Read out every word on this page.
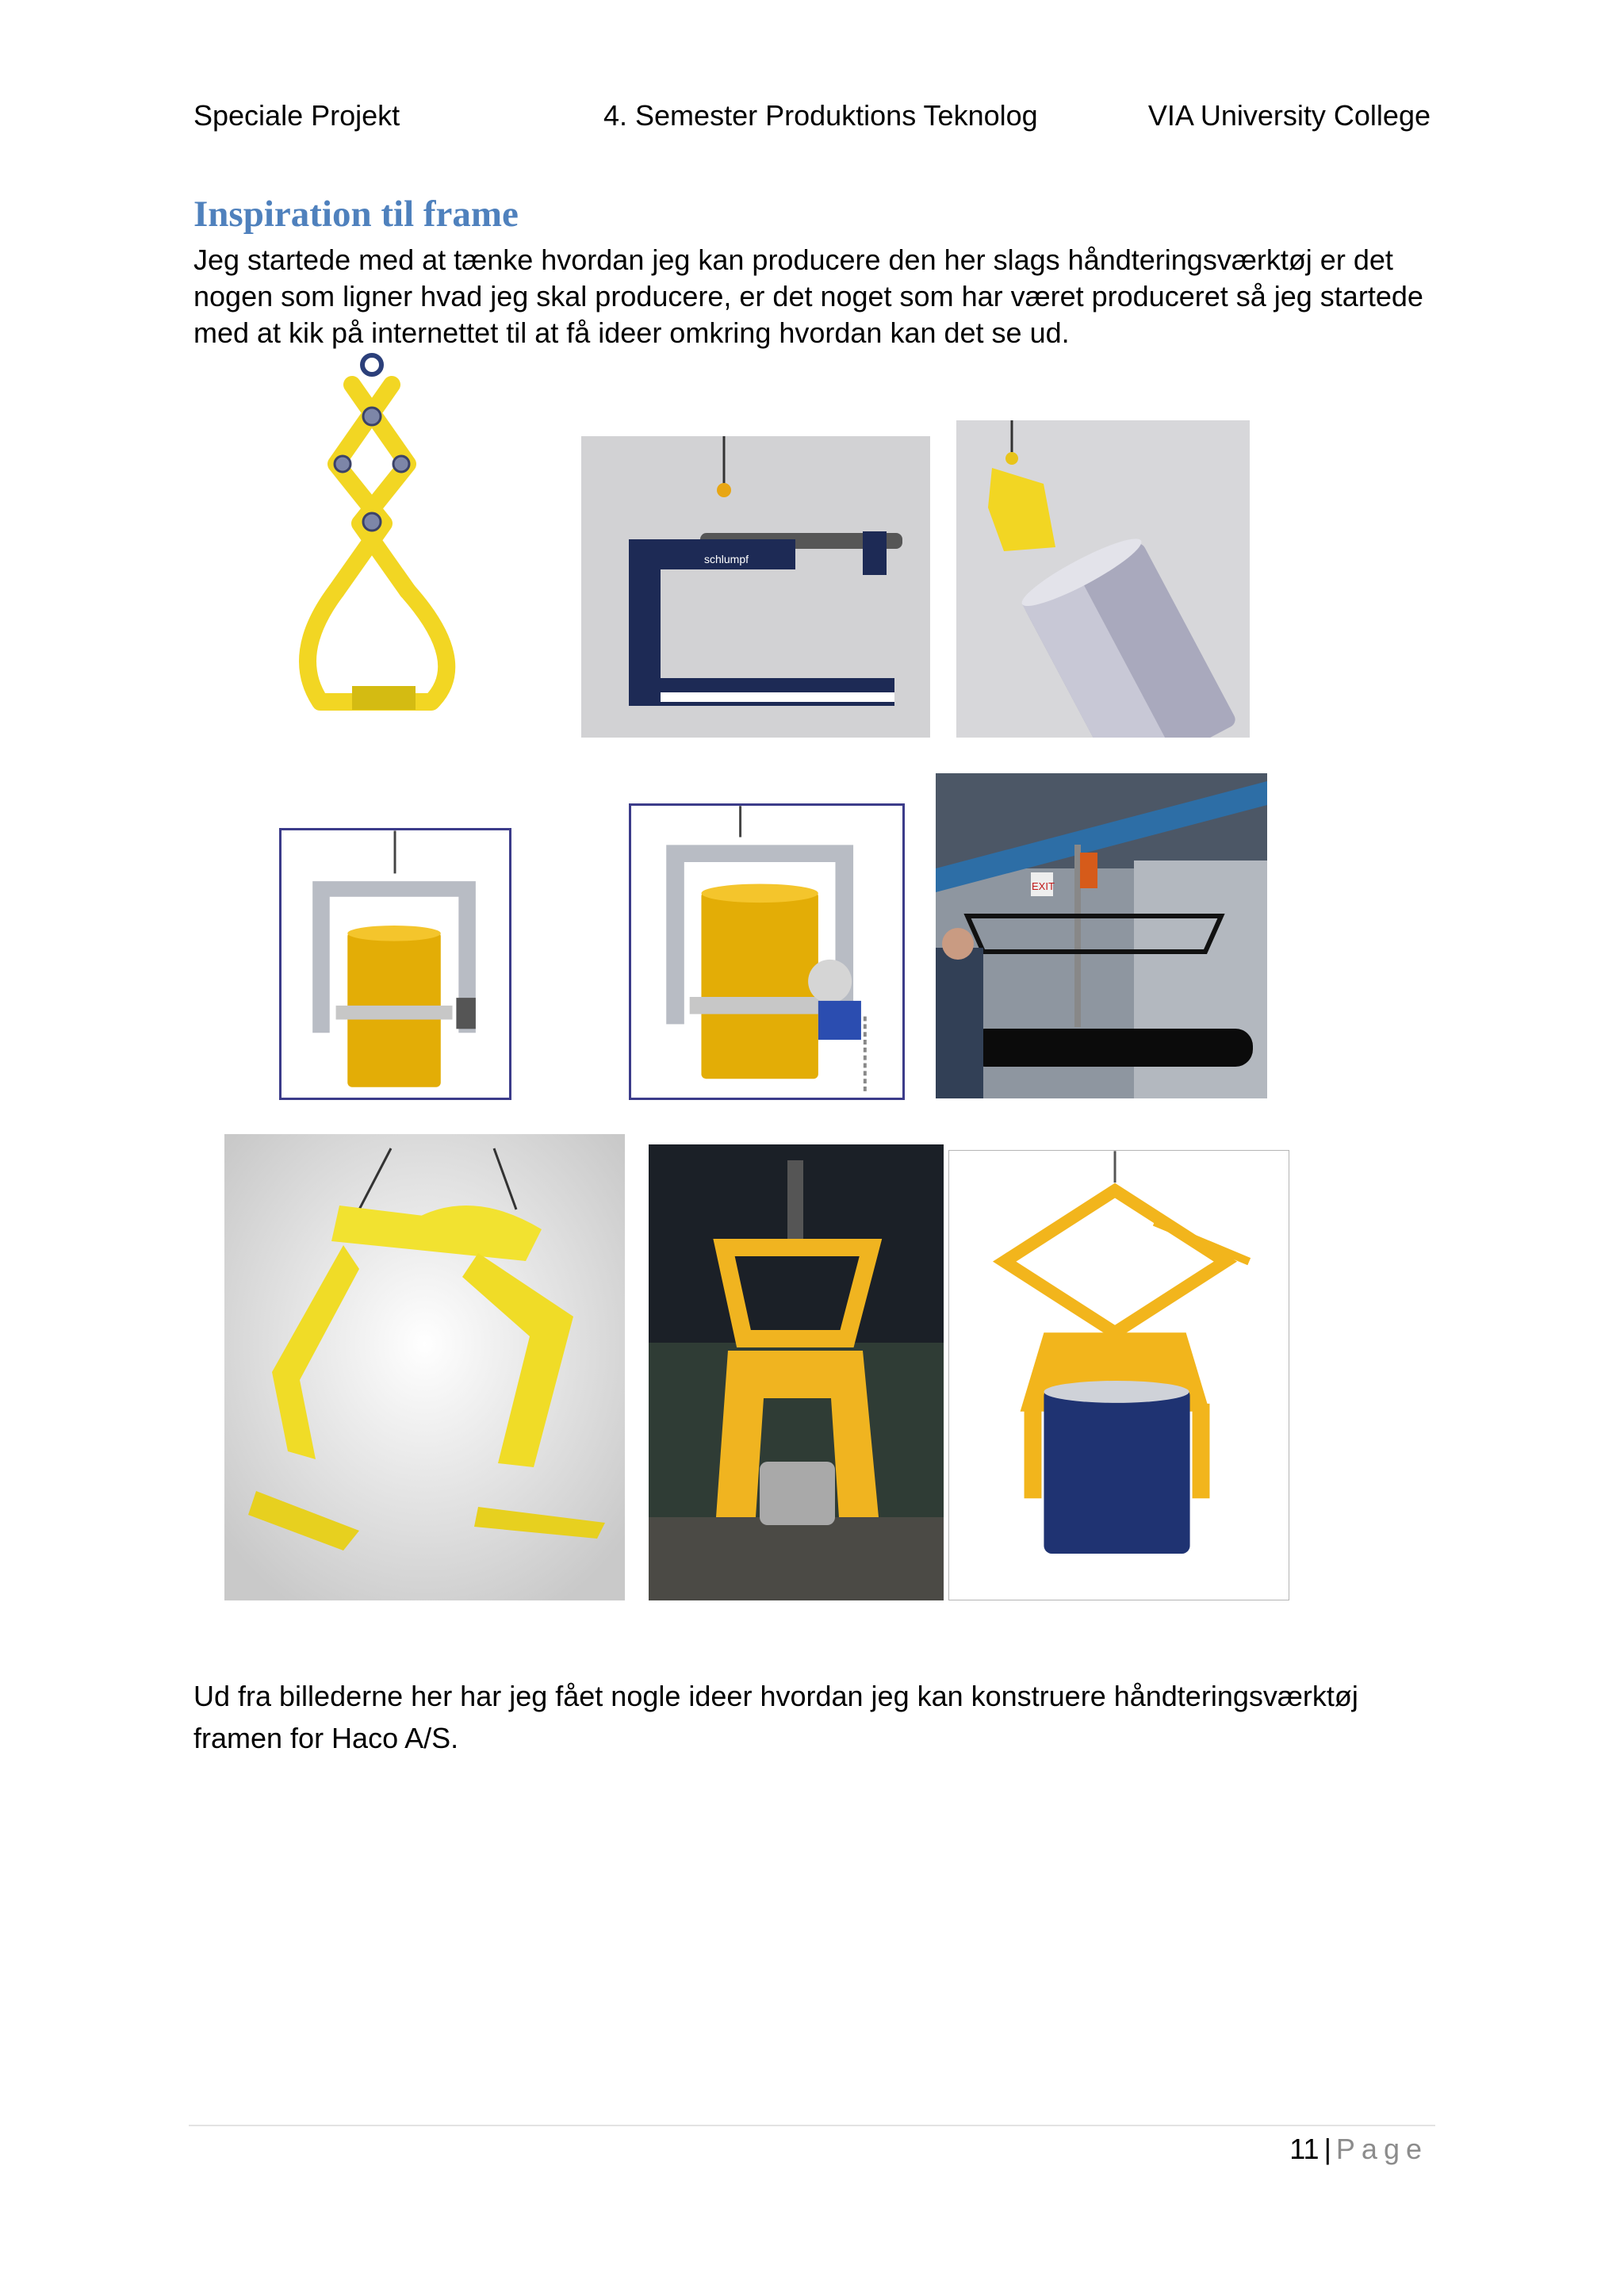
Speciale Projekt	4. Semester Produktions Teknolog	VIA University College
Inspiration til frame

Jeg startede med at tænke hvordan jeg kan producere den her slags håndteringsværktøj er det nogen som ligner hvad jeg skal producere, er det noget som har været produceret så jeg startede med at kik på internettet til at få ideer omkring hvordan kan det se ud.

schlumpf
EXIT

Ud fra billederne her har jeg fået nogle ideer hvordan jeg kan konstruere håndteringsværktøj framen for Haco A/S.

11 | Page
